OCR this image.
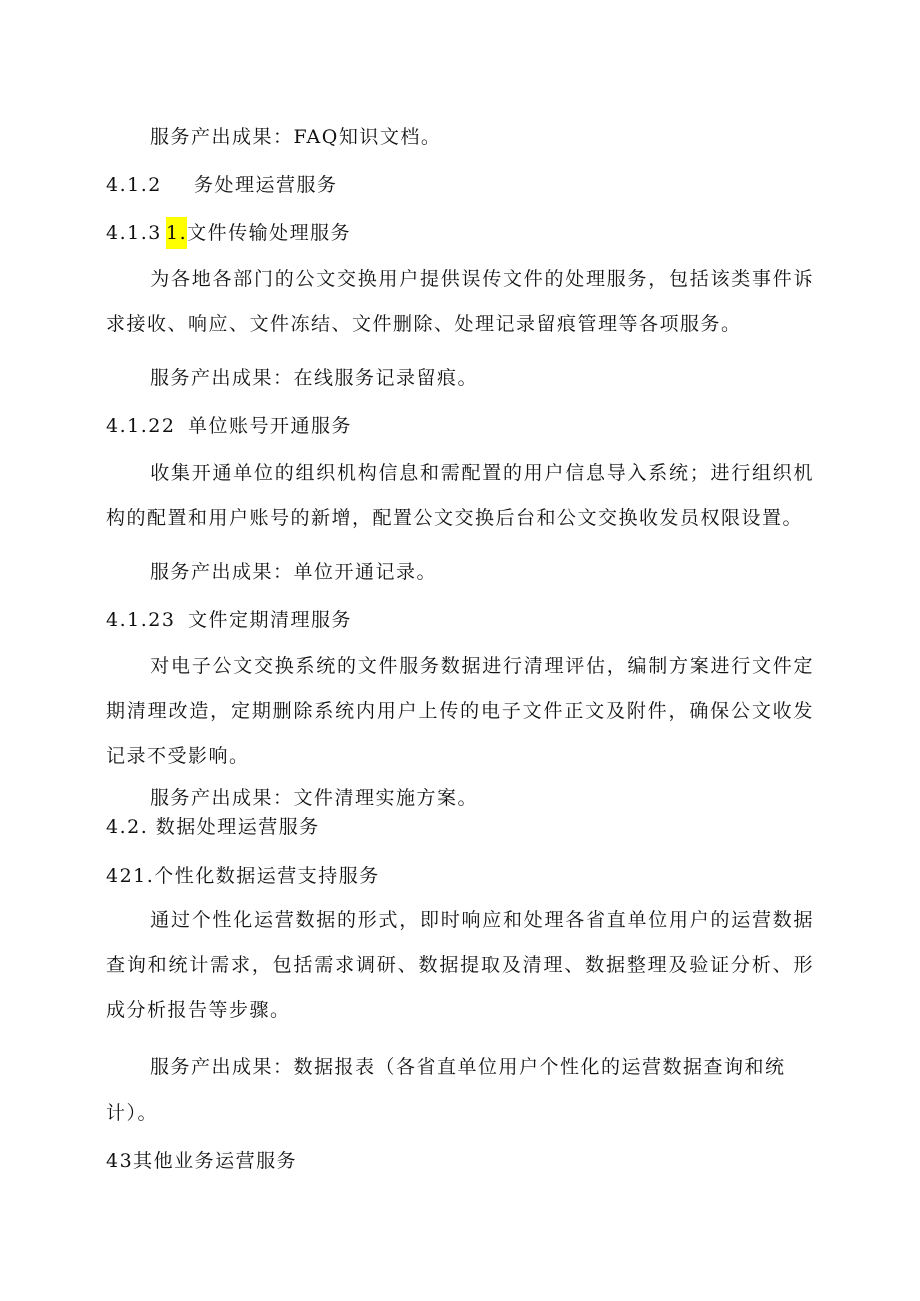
服务产出成果：FAQ知识文档。
4.1.2 务处理运营服务
4.1.3 1.文件传输处理服务
为各地各部门的公文交换用户提供误传文件的处理服务，包括该类事件诉求接收、响应、文件冻结、文件删除、处理记录留痕管理等各项服务。
服务产出成果：在线服务记录留痕。
4.1.22 单位账号开通服务
收集开通单位的组织机构信息和需配置的用户信息导入系统；进行组织机构的配置和用户账号的新增，配置公文交换后台和公文交换收发员权限设置。
服务产出成果：单位开通记录。
4.1.23 文件定期清理服务
对电子公文交换系统的文件服务数据进行清理评估，编制方案进行文件定期清理改造，定期删除系统内用户上传的电子文件正文及附件，确保公文收发记录不受影响。
服务产出成果：文件清理实施方案。
4.2. 数据处理运营服务
421.个性化数据运营支持服务
通过个性化运营数据的形式，即时响应和处理各省直单位用户的运营数据查询和统计需求，包括需求调研、数据提取及清理、数据整理及验证分析、形成分析报告等步骤。
服务产出成果：数据报表（各省直单位用户个性化的运营数据查询和统
计）。
43其他业务运营服务
